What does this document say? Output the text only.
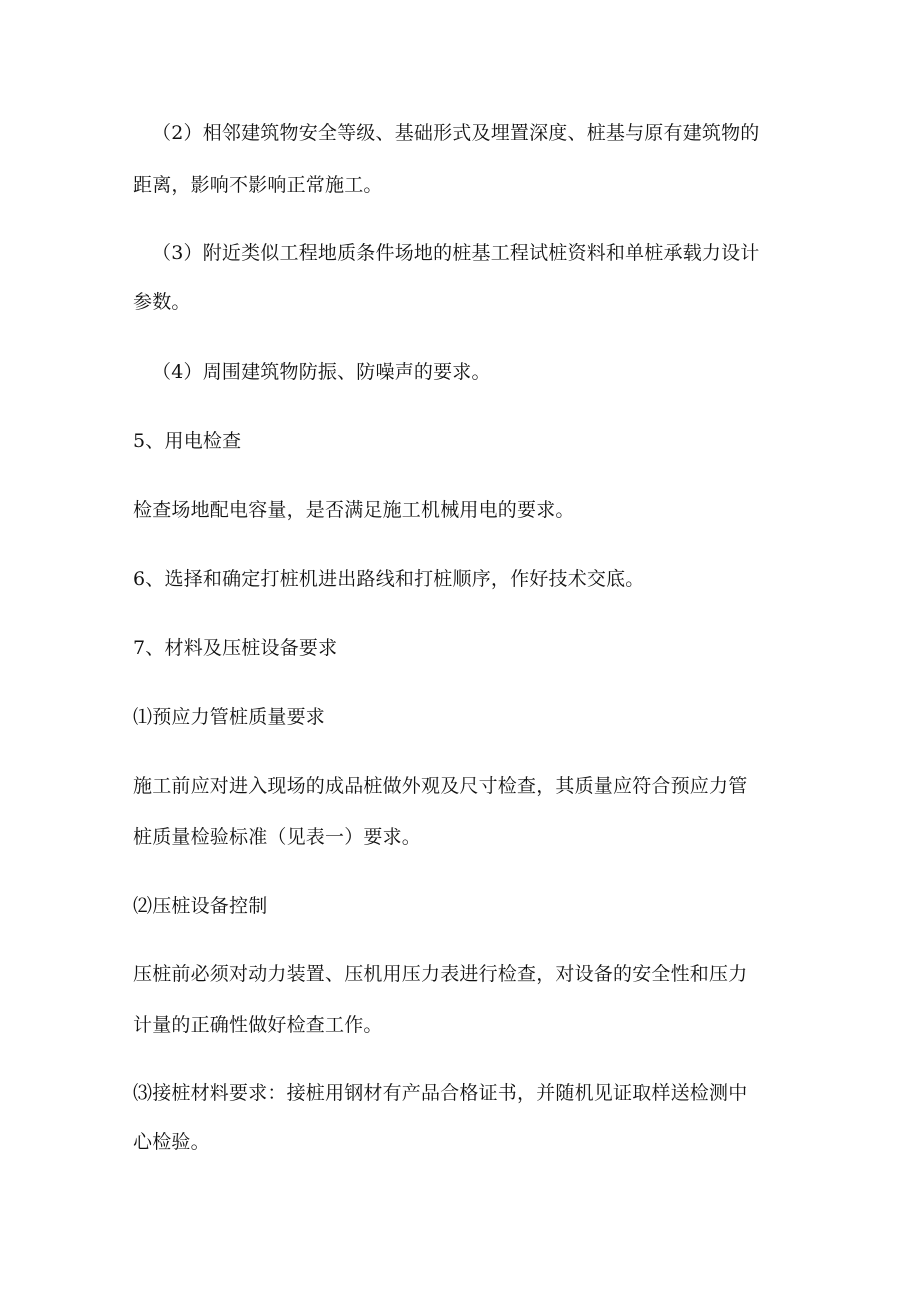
（2）相邻建筑物安全等级、基础形式及埋置深度、桩基与原有建筑物的
距离，影响不影响正常施工。
（3）附近类似工程地质条件场地的桩基工程试桩资料和单桩承载力设计
参数。
（4）周围建筑物防振、防噪声的要求。
5、用电检查
检查场地配电容量，是否满足施工机械用电的要求。
6、选择和确定打桩机进出路线和打桩顺序，作好技术交底。
7、材料及压桩设备要求
⑴预应力管桩质量要求
施工前应对进入现场的成品桩做外观及尺寸检查，其质量应符合预应力管
桩质量检验标准（见表一）要求。
⑵压桩设备控制
压桩前必须对动力装置、压机用压力表进行检查，对设备的安全性和压力
计量的正确性做好检查工作。
⑶接桩材料要求：接桩用钢材有产品合格证书，并随机见证取样送检测中
心检验。
